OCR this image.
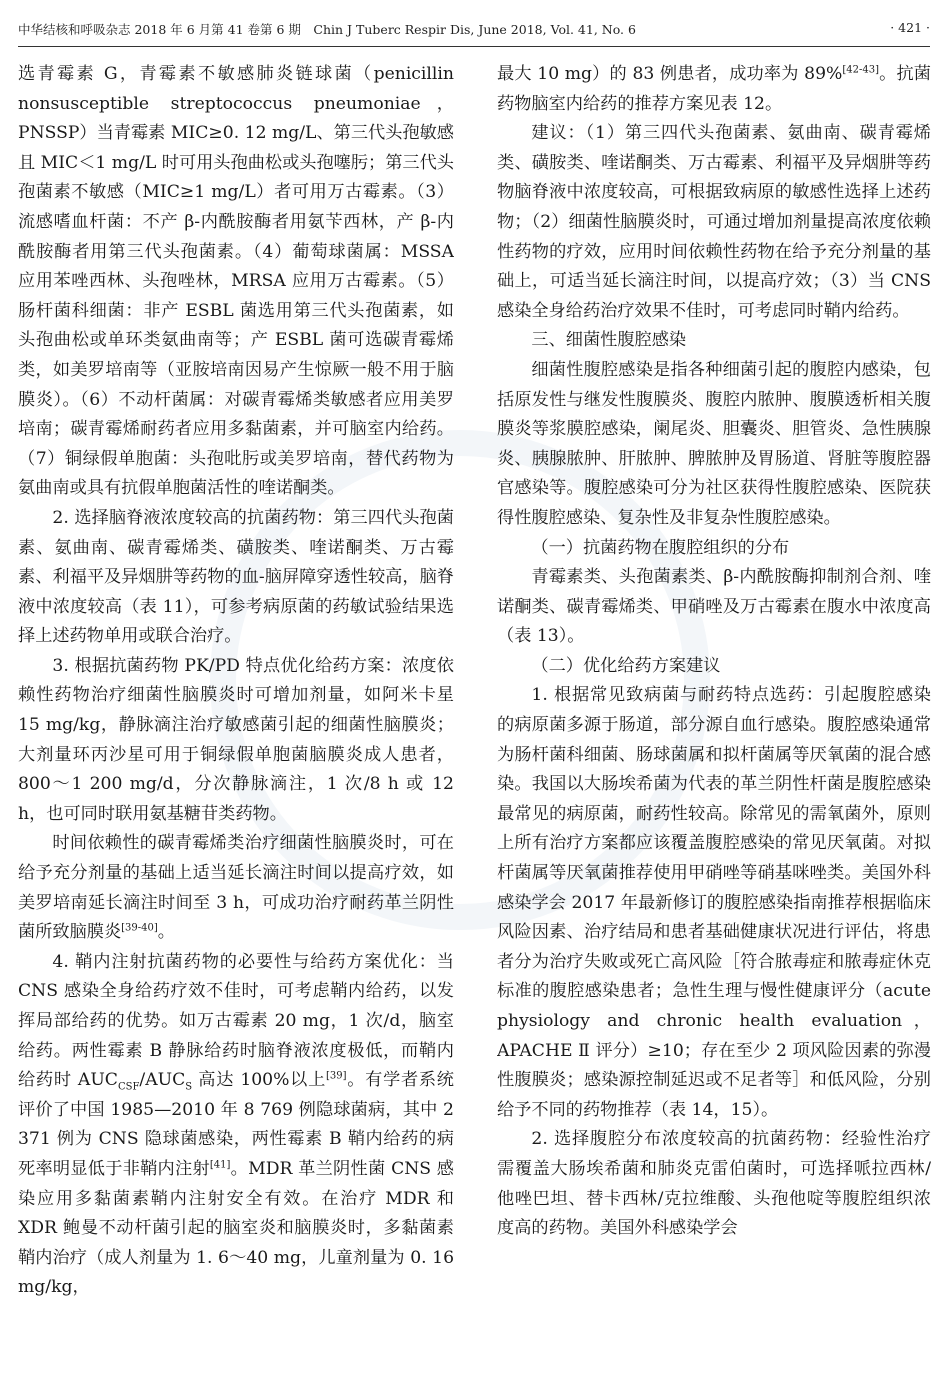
中华结核和呼吸杂志 2018 年 6 月第 41 卷第 6 期　Chin J Tuberc Respir Dis, June 2018, Vol. 41, No. 6	· 421 ·

选青霉素 G，青霉素不敏感肺炎链球菌（penicillin nonsusceptible streptococcus pneumoniae，PNSSP）当青霉素 MIC≥0. 12 mg/L、第三代头孢敏感且 MIC＜1 mg/L 时可用头孢曲松或头孢噻肟；第三代头孢菌素不敏感（MIC≥1 mg/L）者可用万古霉素。（3）流感嗜血杆菌：不产 β-内酰胺酶者用氨苄西林，产 β-内酰胺酶者用第三代头孢菌素。（4）葡萄球菌属：MSSA 应用苯唑西林、头孢唑林，MRSA 应用万古霉素。（5）肠杆菌科细菌：非产 ESBL 菌选用第三代头孢菌素，如头孢曲松或单环类氨曲南等；产 ESBL 菌可选碳青霉烯类，如美罗培南等（亚胺培南因易产生惊厥一般不用于脑膜炎）。（6）不动杆菌属：对碳青霉烯类敏感者应用美罗培南；碳青霉烯耐药者应用多黏菌素，并可脑室内给药。（7）铜绿假单胞菌：头孢吡肟或美罗培南，替代药物为氨曲南或具有抗假单胞菌活性的喹诺酮类。

2. 选择脑脊液浓度较高的抗菌药物：第三四代头孢菌素、氨曲南、碳青霉烯类、磺胺类、喹诺酮类、万古霉素、利福平及异烟肼等药物的血-脑屏障穿透性较高，脑脊液中浓度较高（表 11），可参考病原菌的药敏试验结果选择上述药物单用或联合治疗。

3. 根据抗菌药物 PK/PD 特点优化给药方案：浓度依赖性药物治疗细菌性脑膜炎时可增加剂量，如阿米卡星 15 mg/kg，静脉滴注治疗敏感菌引起的细菌性脑膜炎；大剂量环丙沙星可用于铜绿假单胞菌脑膜炎成人患者，800～1 200 mg/d，分次静脉滴注，1 次/8 h 或 12 h，也可同时联用氨基糖苷类药物。

时间依赖性的碳青霉烯类治疗细菌性脑膜炎时，可在给予充分剂量的基础上适当延长滴注时间以提高疗效，如美罗培南延长滴注时间至 3 h，可成功治疗耐药革兰阴性菌所致脑膜炎[39-40]。

4. 鞘内注射抗菌药物的必要性与给药方案优化：当 CNS 感染全身给药疗效不佳时，可考虑鞘内给药，以发挥局部给药的优势。如万古霉素 20 mg，1 次/d，脑室给药。两性霉素 B 静脉给药时脑脊液浓度极低，而鞘内给药时 $AUC_{CSF}/AUC_S$ 高达 100%以上[39]。有学者系统评价了中国 1985—2010 年 8 769 例隐球菌病，其中 2 371 例为 CNS 隐球菌感染，两性霉素 B 鞘内给药的病死率明显低于非鞘内注射[41]。MDR 革兰阴性菌 CNS 感染应用多黏菌素鞘内注射安全有效。在治疗 MDR 和 XDR 鲍曼不动杆菌引起的脑室炎和脑膜炎时，多黏菌素鞘内治疗（成人剂量为 1. 6～40 mg，儿童剂量为 0. 16 mg/kg，

最大 10 mg）的 83 例患者，成功率为 89%[42-43]。抗菌药物脑室内给药的推荐方案见表 12。

建议：（1）第三四代头孢菌素、氨曲南、碳青霉烯类、磺胺类、喹诺酮类、万古霉素、利福平及异烟肼等药物脑脊液中浓度较高，可根据致病原的敏感性选择上述药物；（2）细菌性脑膜炎时，可通过增加剂量提高浓度依赖性药物的疗效，应用时间依赖性药物在给予充分剂量的基础上，可适当延长滴注时间，以提高疗效；（3）当 CNS 感染全身给药治疗效果不佳时，可考虑同时鞘内给药。

三、细菌性腹腔感染

细菌性腹腔感染是指各种细菌引起的腹腔内感染，包括原发性与继发性腹膜炎、腹腔内脓肿、腹膜透析相关腹膜炎等浆膜腔感染，阑尾炎、胆囊炎、胆管炎、急性胰腺炎、胰腺脓肿、肝脓肿、脾脓肿及胃肠道、肾脏等腹腔器官感染等。腹腔感染可分为社区获得性腹腔感染、医院获得性腹腔感染、复杂性及非复杂性腹腔感染。

（一）抗菌药物在腹腔组织的分布

青霉素类、头孢菌素类、β-内酰胺酶抑制剂合剂、喹诺酮类、碳青霉烯类、甲硝唑及万古霉素在腹水中浓度高（表 13）。

（二）优化给药方案建议

1. 根据常见致病菌与耐药特点选药：引起腹腔感染的病原菌多源于肠道，部分源自血行感染。腹腔感染通常为肠杆菌科细菌、肠球菌属和拟杆菌属等厌氧菌的混合感染。我国以大肠埃希菌为代表的革兰阴性杆菌是腹腔感染最常见的病原菌，耐药性较高。除常见的需氧菌外，原则上所有治疗方案都应该覆盖腹腔感染的常见厌氧菌。对拟杆菌属等厌氧菌推荐使用甲硝唑等硝基咪唑类。美国外科感染学会 2017 年最新修订的腹腔感染指南推荐根据临床风险因素、治疗结局和患者基础健康状况进行评估，将患者分为治疗失败或死亡高风险［符合脓毒症和脓毒症休克标准的腹腔感染患者；急性生理与慢性健康评分（acute physiology and chronic health evaluation，APACHE Ⅱ 评分）≥10；存在至少 2 项风险因素的弥漫性腹膜炎；感染源控制延迟或不足者等］和低风险，分别给予不同的药物推荐（表 14，15）。

2. 选择腹腔分布浓度较高的抗菌药物：经验性治疗需覆盖大肠埃希菌和肺炎克雷伯菌时，可选择哌拉西林/他唑巴坦、替卡西林/克拉维酸、头孢他啶等腹腔组织浓度高的药物。美国外科感染学会
